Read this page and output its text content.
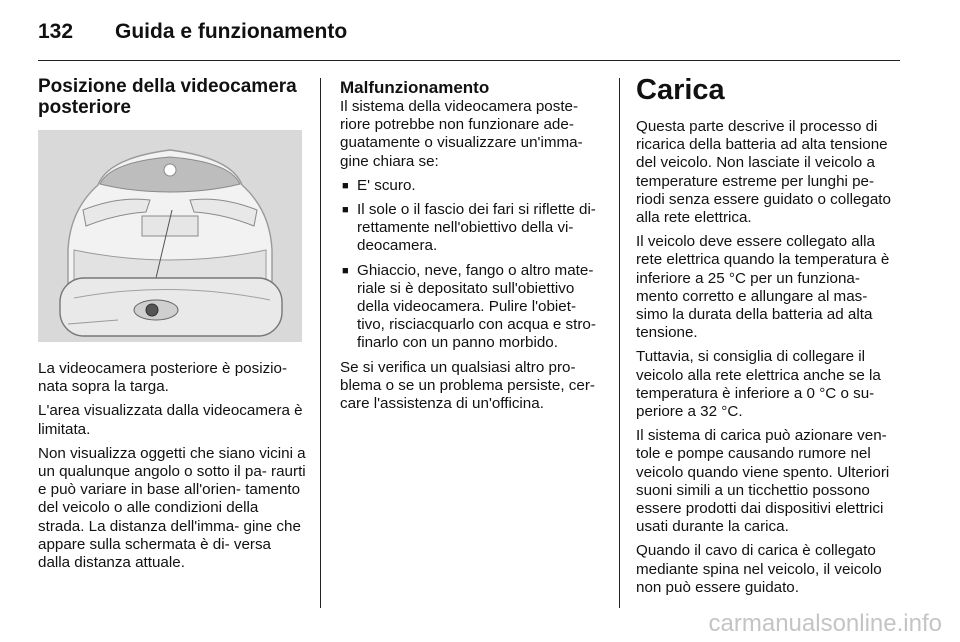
132 Guida e funzionamento
Posizione della videocamera posteriore

La videocamera posteriore è posizio- nata sopra la targa.

L'area visualizzata dalla videocamera è limitata.

Non visualizza oggetti che siano vicini a un qualunque angolo o sotto il pa- raurti e può variare in base all'orien- tamento del veicolo o alle condizioni della strada. La distanza dell'imma- gine che appare sulla schermata è di- versa dalla distanza attuale.

Malfunzionamento

Il sistema della videocamera poste- riore potrebbe non funzionare ade- guatamente o visualizzare un'imma- gine chiara se:

■ E' scuro.
■ Il sole o il fascio dei fari si riflette di- rettamente nell'obiettivo della vi- deocamera.
■ Ghiaccio, neve, fango o altro mate- riale si è depositato sull'obiettivo della videocamera. Pulire l'obiet- tivo, risciacquarlo con acqua e stro- finarlo con un panno morbido.

Se si verifica un qualsiasi altro pro- blema o se un problema persiste, cer- care l'assistenza di un'officina.

Carica

Questa parte descrive il processo di ricarica della batteria ad alta tensione del veicolo. Non lasciate il veicolo a temperature estreme per lunghi pe- riodi senza essere guidato o collegato alla rete elettrica.

Il veicolo deve essere collegato alla rete elettrica quando la temperatura è inferiore a 25 °C per un funziona- mento corretto e allungare al mas- simo la durata della batteria ad alta tensione.

Tuttavia, si consiglia di collegare il veicolo alla rete elettrica anche se la temperatura è inferiore a 0 °C o su- periore a 32 °C.

Il sistema di carica può azionare ven- tole e pompe causando rumore nel veicolo quando viene spento. Ulteriori suoni simili a un ticchettio possono essere prodotti dai dispositivi elettrici usati durante la carica.

Quando il cavo di carica è collegato mediante spina nel veicolo, il veicolo non può essere guidato.

carmanualsonline.info
